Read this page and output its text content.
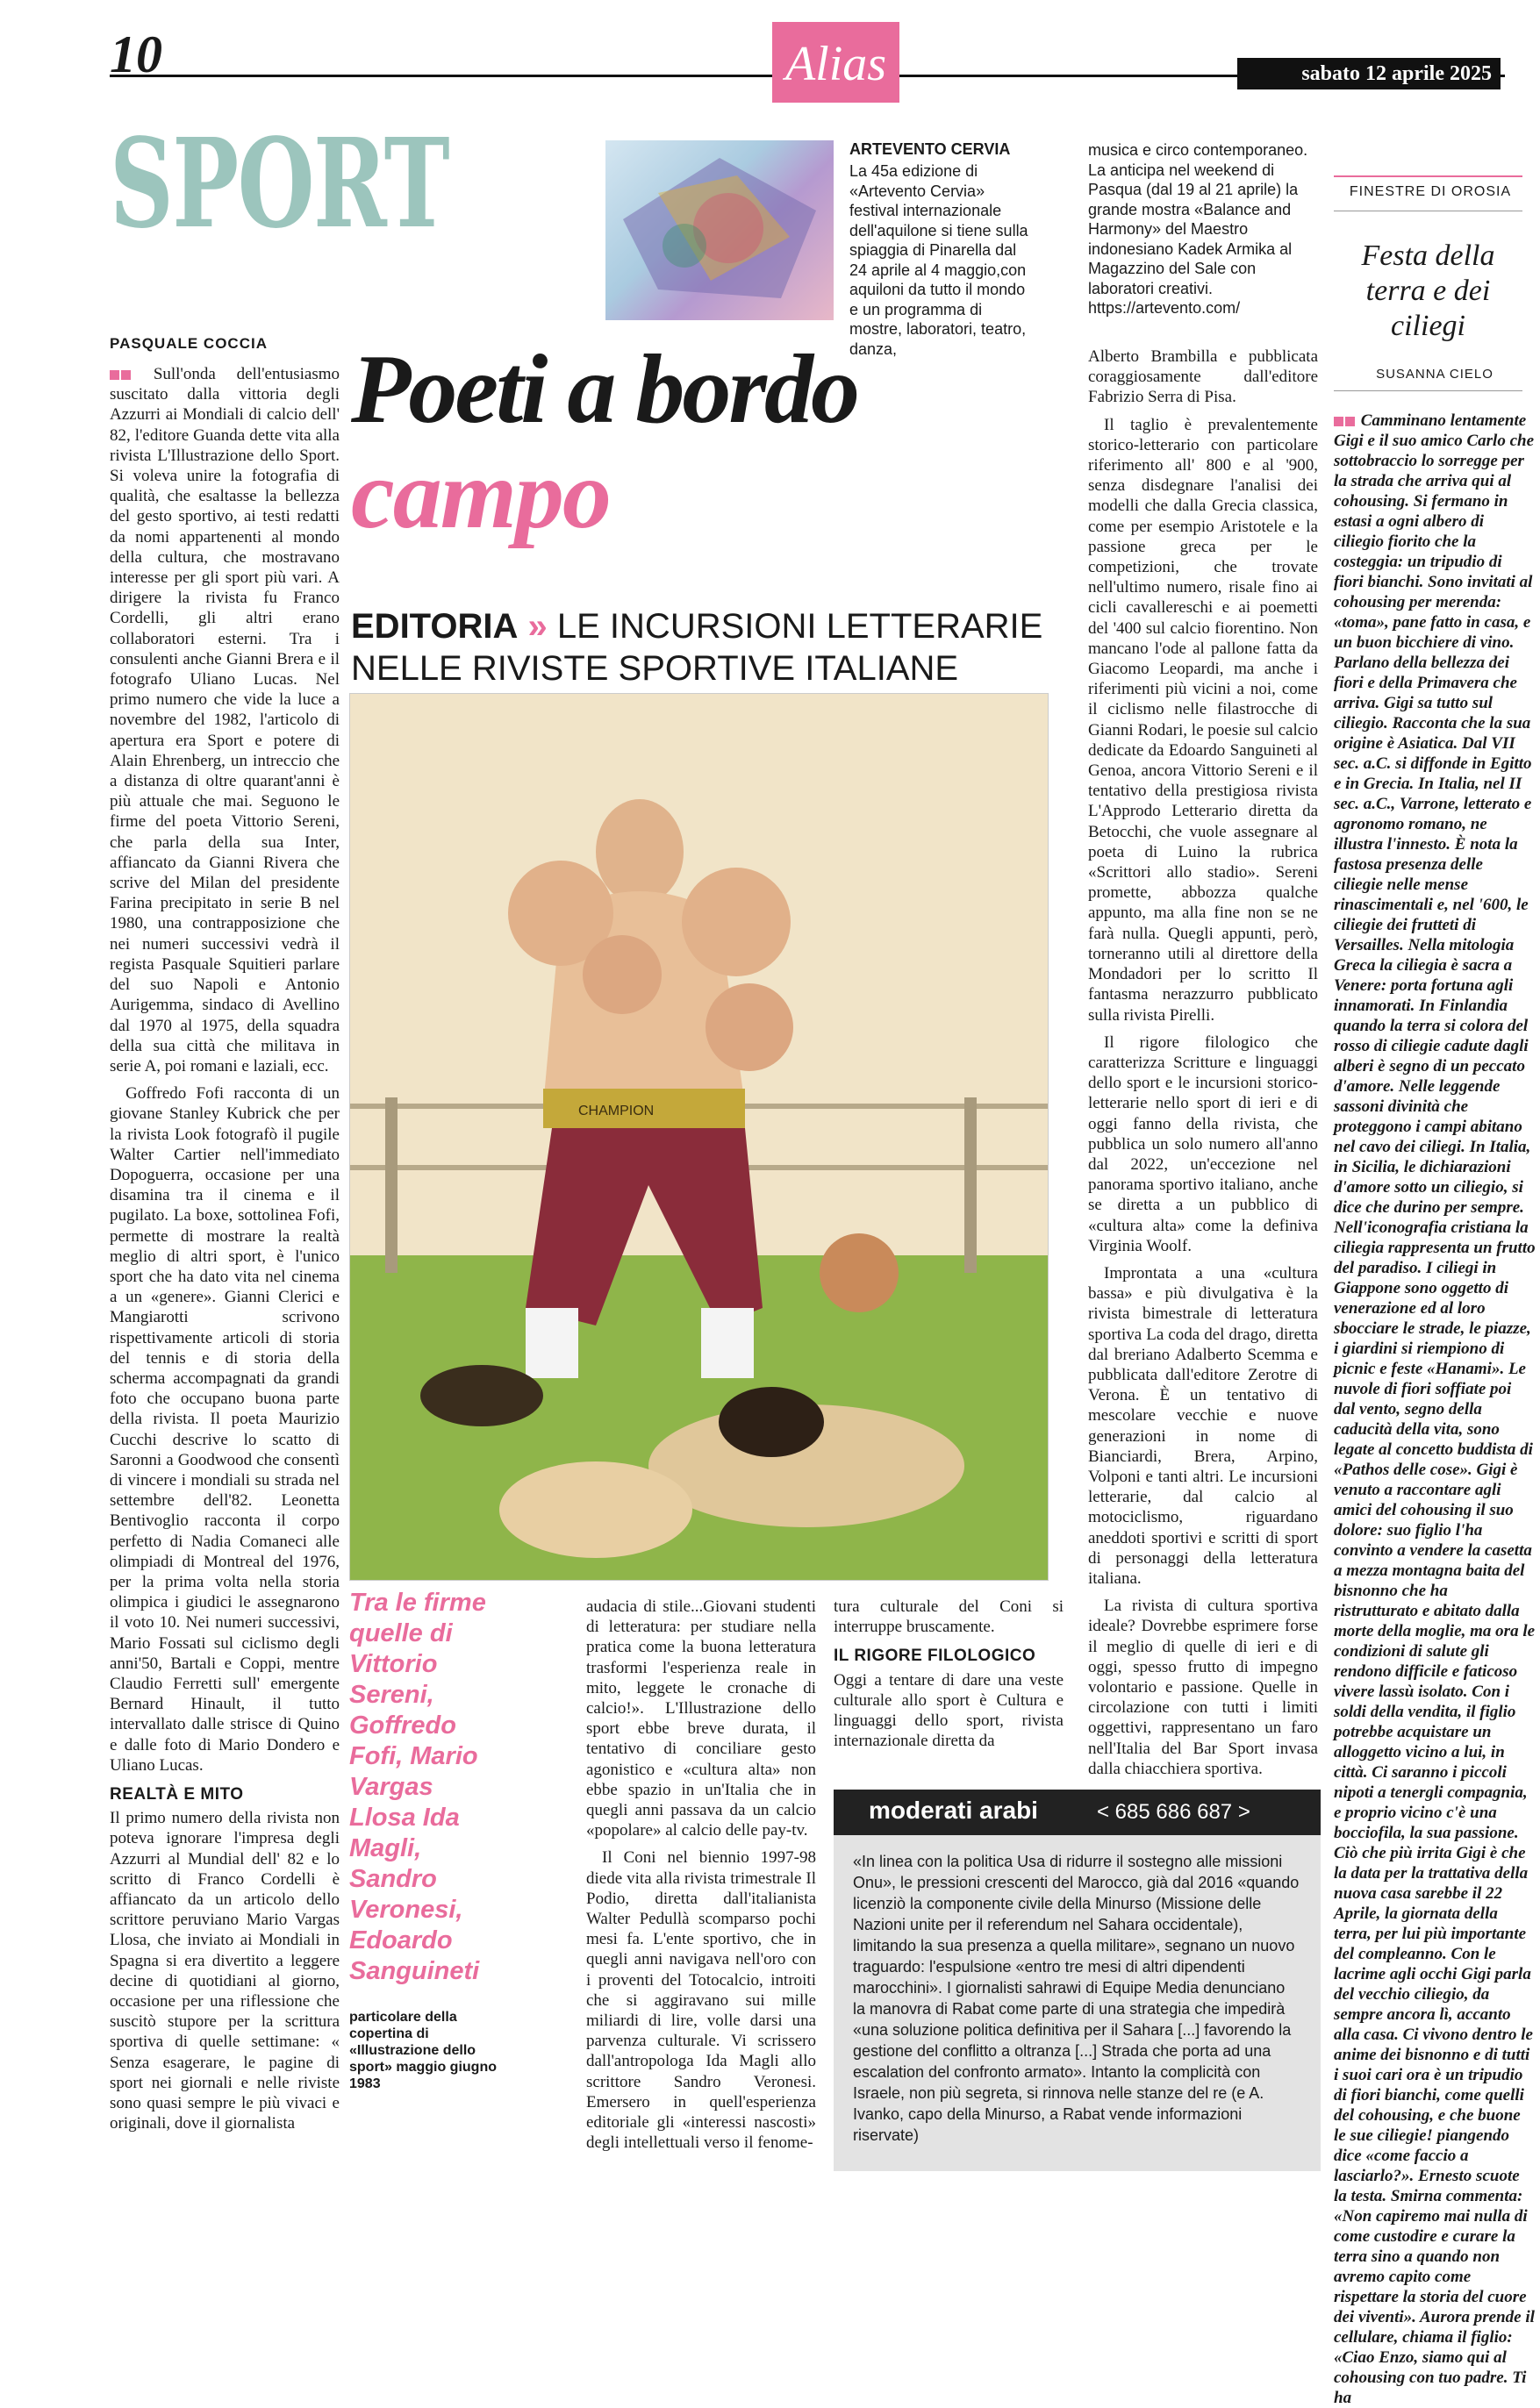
10	Alias	sabato 12 aprile 2025
SPORT	ARTEVENTO CERVIA
La 45a edizione di «Artevento Cervia» festival internazionale dell'aquilone si tiene sulla spiaggia di Pinarella dal 24 aprile al 4 maggio,con aquiloni da tutto il mondo e un programma di mostre, laboratori, teatro, danza,
musica e circo contemporaneo. La anticipa nel weekend di Pasqua (dal 19 al 21 aprile) la grande mostra «Balance and Harmony» del Maestro indonesiano Kadek Armika al Magazzino del Sale con laboratori creativi. https://artevento.com/
PASQUALE COCCIA Poeti a bordo
campo
EDITORIA » LE INCURSIONI LETTERARIE NELLE RIVISTE SPORTIVE ITALIANE

Sull'onda dell'entusiasmo suscitato dalla vittoria degli Azzurri ai Mondiali di calcio dell' 82, l'editore Guanda dette vita alla rivista L'Illustrazione dello Sport. Si voleva unire la fotografia di qualità, che esaltasse la bellezza del gesto sportivo, ai testi redatti da nomi appartenenti al mondo della cultura, che mostravano interesse per gli sport più vari. A dirigere la rivista fu Franco Cordelli, gli altri erano collaboratori esterni. Tra i consulenti anche Gianni Brera e il fotografo Uliano Lucas. Nel primo numero che vide la luce a novembre del 1982, l'articolo di apertura era Sport e potere di Alain Ehrenberg, un intreccio che a distanza di oltre quarant'anni è più attuale che mai. Seguono le firme del poeta Vittorio Sereni, che parla della sua Inter, affiancato da Gianni Rivera che scrive del Milan del presidente Farina precipitato in serie B nel 1980, una contrapposizione che nei numeri successivi vedrà il regista Pasquale Squitieri parlare del suo Napoli e Antonio Aurigemma, sindaco di Avellino dal 1970 al 1975, della squadra della sua città che militava in serie A, poi romani e laziali, ecc.

Goffredo Fofi racconta di un giovane Stanley Kubrick che per la rivista Look fotografò il pugile Walter Cartier nell'immediato Dopoguerra, occasione per una disamina tra il cinema e il pugilato. La boxe, sottolinea Fofi, permette di mostrare la realtà meglio di altri sport, è l'unico sport che ha dato vita nel cinema a un «genere». Gianni Clerici e Mangiarotti scrivono rispettivamente articoli di storia del tennis e di storia della scherma accompagnati da grandi foto che occupano buona parte della rivista. Il poeta Maurizio Cucchi descrive lo scatto di Saronni a Goodwood che consentì di vincere i mondiali su strada nel settembre dell'82. Leonetta Bentivoglio racconta il corpo perfetto di Nadia Comaneci alle olimpiadi di Montreal del 1976, per la prima volta nella storia olimpica i giudici le assegnarono il voto 10. Nei numeri successivi, Mario Fossati sul ciclismo degli anni'50, Bartali e Coppi, mentre Claudio Ferretti sull' emergente Bernard Hinault, il tutto intervallato dalle strisce di Quino e dalle foto di Mario Dondero e Uliano Lucas.

REALTÀ E MITO

Il primo numero della rivista non poteva ignorare l'impresa degli Azzurri al Mundial dell' 82 e lo scritto di Franco Cordelli è affiancato da un articolo dello scrittore peruviano Mario Vargas Llosa, che inviato ai Mondiali in Spagna si era divertito a leggere decine di quotidiani al giorno, occasione per una riflessione che suscitò stupore per la scrittura sportiva di quelle settimane: « Senza esagerare, le pagine di sport nei giornali e nelle riviste sono quasi sempre le più vivaci e originali, dove il giornalista

CHAMPION
Tra le firme quelle di Vittorio Sereni, Goffredo Fofi, Mario Vargas Llosa Ida Magli, Sandro Veronesi, Edoardo Sanguineti
particolare della copertina di «Illustrazione dello sport» maggio giugno 1983

audacia di stile...Giovani studenti di letteratura: per studiare nella pratica come la buona letteratura trasformi l'esperienza reale in mito, leggete le cronache di calcio!». L'Illustrazione dello sport ebbe breve durata, il tentativo di conciliare gesto agonistico e «cultura alta» non ebbe spazio in un'Italia che in quegli anni passava da un calcio «popolare» al calcio delle pay-tv.

Il Coni nel biennio 1997-98 diede vita alla rivista trimestrale Il Podio, diretta dall'italianista Walter Pedullà scomparso pochi mesi fa. L'ente sportivo, che in quegli anni navigava nell'oro con i proventi del Totocalcio, introiti che si aggiravano sui mille miliardi di lire, volle darsi una parvenza culturale. Vi scrissero dall'antropologa Ida Magli allo scrittore Sandro Veronesi. Emersero in quell'esperienza editoriale gli «interessi nascosti» degli intellettuali verso il fenome-

tura culturale del Coni si interruppe bruscamente.

IL RIGORE FILOLOGICO

Oggi a tentare di dare una veste culturale allo sport è Cultura e linguaggi dello sport, rivista internazionale diretta da

Alberto Brambilla e pubblicata coraggiosamente dall'editore Fabrizio Serra di Pisa.

Il taglio è prevalentemente storico-letterario con particolare riferimento all' 800 e al '900, senza disdegnare l'analisi dei modelli che dalla Grecia classica, come per esempio Aristotele e la passione greca per le competizioni, che trovate nell'ultimo numero, risale fino ai cicli cavallereschi e ai poemetti del '400 sul calcio fiorentino. Non mancano l'ode al pallone fatta da Giacomo Leopardi, ma anche i riferimenti più vicini a noi, come il ciclismo nelle filastrocche di Gianni Rodari, le poesie sul calcio dedicate da Edoardo Sanguineti al Genoa, ancora Vittorio Sereni e il tentativo della prestigiosa rivista L'Approdo Letterario diretta da Betocchi, che vuole assegnare al poeta di Luino la rubrica «Scrittori allo stadio». Sereni promette, abbozza qualche appunto, ma alla fine non se ne farà nulla. Quegli appunti, però, torneranno utili al direttore della Mondadori per lo scritto Il fantasma nerazzurro pubblicato sulla rivista Pirelli.

Il rigore filologico che caratterizza Scritture e linguaggi dello sport e le incursioni storico-letterarie nello sport di ieri e di oggi fanno della rivista, che pubblica un solo numero all'anno dal 2022, un'eccezione nel panorama sportivo italiano, anche se diretta a un pubblico di «cultura alta» come la definiva Virginia Woolf.

Improntata a una «cultura bassa» e più divulgativa è la rivista bimestrale di letteratura sportiva La coda del drago, diretta dal breriano Adalberto Scemma e pubblicata dall'editore Zerotre di Verona. È un tentativo di mescolare vecchie e nuove generazioni in nome di Bianciardi, Brera, Arpino, Volponi e tanti altri. Le incursioni letterarie, dal calcio al motociclismo, riguardano aneddoti sportivi e scritti di sport di personaggi della letteratura italiana.

La rivista di cultura sportiva ideale? Dovrebbe esprimere forse il meglio di quelle di ieri e di oggi, spesso frutto di impegno volontario e passione. Quelle in circolazione con tutti i limiti oggettivi, rappresentano un faro nell'Italia del Bar Sport invasa dalla chiacchiera sportiva.

FINESTRE DI OROSIA
Festa della terra e dei ciliegi
SUSANNA CIELO
Camminano lentamente Gigi e il suo amico Carlo che sottobraccio lo sorregge per la strada che arriva qui al cohousing. Si fermano in estasi a ogni albero di ciliegio fiorito che la costeggia: un tripudio di fiori bianchi. Sono invitati al cohousing per merenda: «toma», pane fatto in casa, e un buon bicchiere di vino. Parlano della bellezza dei fiori e della Primavera che arriva. Gigi sa tutto sul ciliegio. Racconta che la sua origine è Asiatica. Dal VII sec. a.C. si diffonde in Egitto e in Grecia. In Italia, nel II sec. a.C., Varrone, letterato e agronomo romano, ne illustra l'innesto. È nota la fastosa presenza delle ciliegie nelle mense rinascimentali e, nel '600, le ciliegie dei frutteti di Versailles. Nella mitologia Greca la ciliegia è sacra a Venere: porta fortuna agli innamorati. In Finlandia quando la terra si colora del rosso di ciliegie cadute dagli alberi è segno di un peccato d'amore. Nelle leggende sassoni divinità che proteggono i campi abitano nel cavo dei ciliegi. In Italia, in Sicilia, le dichiarazioni d'amore sotto un ciliegio, si dice che durino per sempre. Nell'iconografia cristiana la ciliegia rappresenta un frutto del paradiso. I ciliegi in Giappone sono oggetto di venerazione ed al loro sbocciare le strade, le piazze, i giardini si riempiono di picnic e feste «Hanami». Le nuvole di fiori soffiate poi dal vento, segno della caducità della vita, sono legate al concetto buddista di «Pathos delle cose». Gigi è venuto a raccontare agli amici del cohousing il suo dolore: suo figlio l'ha convinto a vendere la casetta a mezza montagna baita del bisnonno che ha ristrutturato e abitato dalla morte della moglie, ma ora le condizioni di salute gli rendono difficile e faticoso vivere lassù isolato. Con i soldi della vendita, il figlio potrebbe acquistare un alloggetto vicino a lui, in città. Ci saranno i piccoli nipoti a tenergli compagnia, e proprio vicino c'è una bocciofila, la sua passione. Ciò che più irrita Gigi è che la data per la trattativa della nuova casa sarebbe il 22 Aprile, la giornata della terra, per lui più importante del compleanno. Con le lacrime agli occhi Gigi parla del vecchio ciliegio, da sempre ancora lì, accanto alla casa. Ci vivono dentro le anime dei bisnonno e di tutti i suoi cari ora è un tripudio di fiori bianchi, come quelli del cohousing, e che buone le sue ciliegie! piangendo dice «come faccio a lasciarlo?». Ernesto scuote la testa. Smirna commenta: «Non capiremo mai nulla di come custodire e curare la terra sino a quando non avremo capito come rispettare la storia del cuore dei viventi». Aurora prende il cellulare, chiama il figlio: «Ciao Enzo, siamo qui al cohousing con tuo padre. Ti ha
moderati arabi	< 685 686 687 >
«In linea con la politica Usa di ridurre il sostegno alle missioni Onu», le pressioni crescenti del Marocco, già dal 2016 «quando licenziò la componente civile della Minurso (Missione delle Nazioni unite per il referendum nel Sahara occidentale), limitando la sua presenza a quella militare», segnano un nuovo traguardo: l'espulsione «entro tre mesi di altri dipendenti marocchini». I giornalisti sahrawi di Equipe Media denunciano la manovra di Rabat come parte di una strategia che impedirà «una soluzione politica definitiva per il Sahara [...] favorendo la gestione del conflitto a oltranza [...] Strada che porta ad una escalation del confronto armato». Intanto la complicità con Israele, non più segreta, si rinnova nelle stanze del re (e A. Ivanko, capo della Minurso, a Rabat vende informazioni riservate)
